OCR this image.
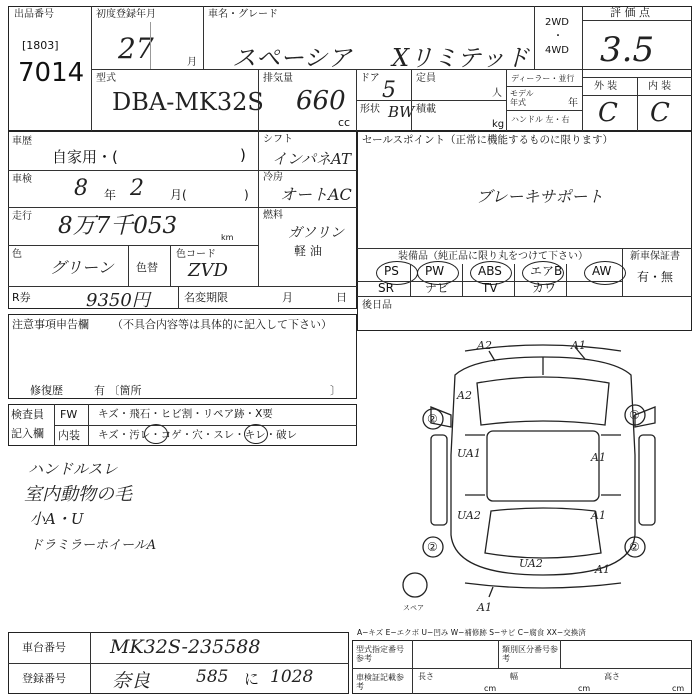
出品番号
[1803]
7014
初度登録年月
27	月
車名・グレード
スペーシア Xリミテッド
2WD
・
4WD
評 価 点
3.5
型式
DBA-MK32S
排気量
660
cc
ドア 5
形状 BW
定員
人
積載
kg
ディーラー・並行
モデル年式	年
ハンドル 左・右
外 装	内 装
C C
車歴
自家用・(	)
シフト
インパネAT
車検 8 年 2 月(	)
冷房
オートAC
走行 8万7千053	km
燃料
ガソリン
軽 油
色
グリーン 色替
色コード
ZVD
R券	9350円	名変期限	月	日
セールスポイント（正常に機能するものに限ります）
ブレーキサポート
装備品（純正品に限り丸をつけて下さい）	新車保証書
有・無
PS PW	ABS エアB AW
SR	ナビ	TV	カワ
後日品
注意事項申告欄 （不具合内容等は具体的に記入して下さい）
修復歴	有 〔箇所	〕
検査員
記入欄
FW キズ・飛石・ヒビ割・リペア跡・X要
内装 キズ・汚レ・コゲ・穴・スレ・キレ・破レ
ハンドルスレ
室内動物の毛
小A・U
ドラミラーホイールA
A2	A1
A2
UA1	A1
UA2	A1
UA2	A1
A1
②	②
②	②
スペア
車台番号 MK32S-235588
登録番号 奈良	585 に 1028
A−キズ E−エクボ U−凹み W−補修跡 S−サビ C−腐食 XX−交換済
型式指定番号参考
類別区分番号参考
車検証記載参考
長さ
cm
幅
cm
高さ
cm
